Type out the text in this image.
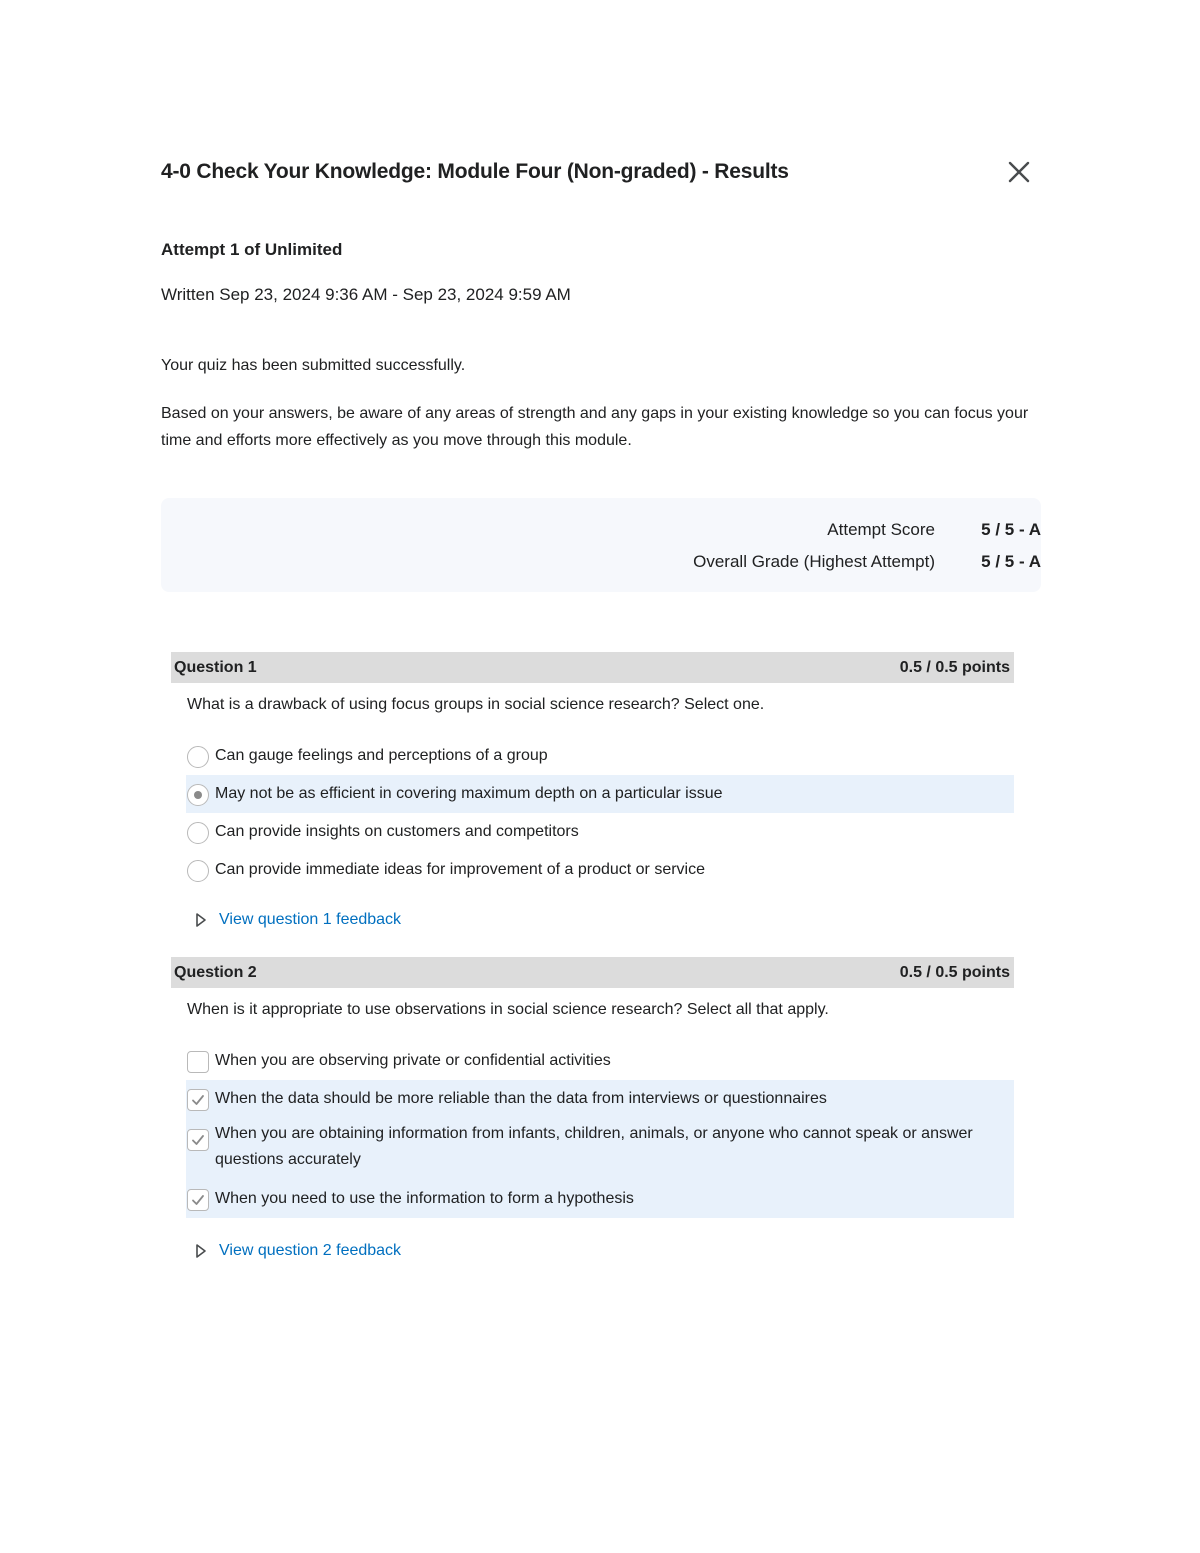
4-0 Check Your Knowledge: Module Four (Non-graded) - Results
Attempt 1 of Unlimited
Written Sep 23, 2024 9:36 AM - Sep 23, 2024 9:59 AM
Your quiz has been submitted successfully.
Based on your answers, be aware of any areas of strength and any gaps in your existing knowledge so you can focus your time and efforts more effectively as you move through this module.
Attempt Score	5 / 5 - A
Overall Grade (Highest Attempt)	5 / 5 - A
Question 1	0.5 / 0.5 points
What is a drawback of using focus groups in social science research? Select one.
Can gauge feelings and perceptions of a group
May not be as efficient in covering maximum depth on a particular issue
Can provide insights on customers and competitors
Can provide immediate ideas for improvement of a product or service
View question 1 feedback
Question 2	0.5 / 0.5 points
When is it appropriate to use observations in social science research? Select all that apply.
When you are observing private or confidential activities
When the data should be more reliable than the data from interviews or questionnaires
When you are obtaining information from infants, children, animals, or anyone who cannot speak or answer questions accurately
When you need to use the information to form a hypothesis
View question 2 feedback
